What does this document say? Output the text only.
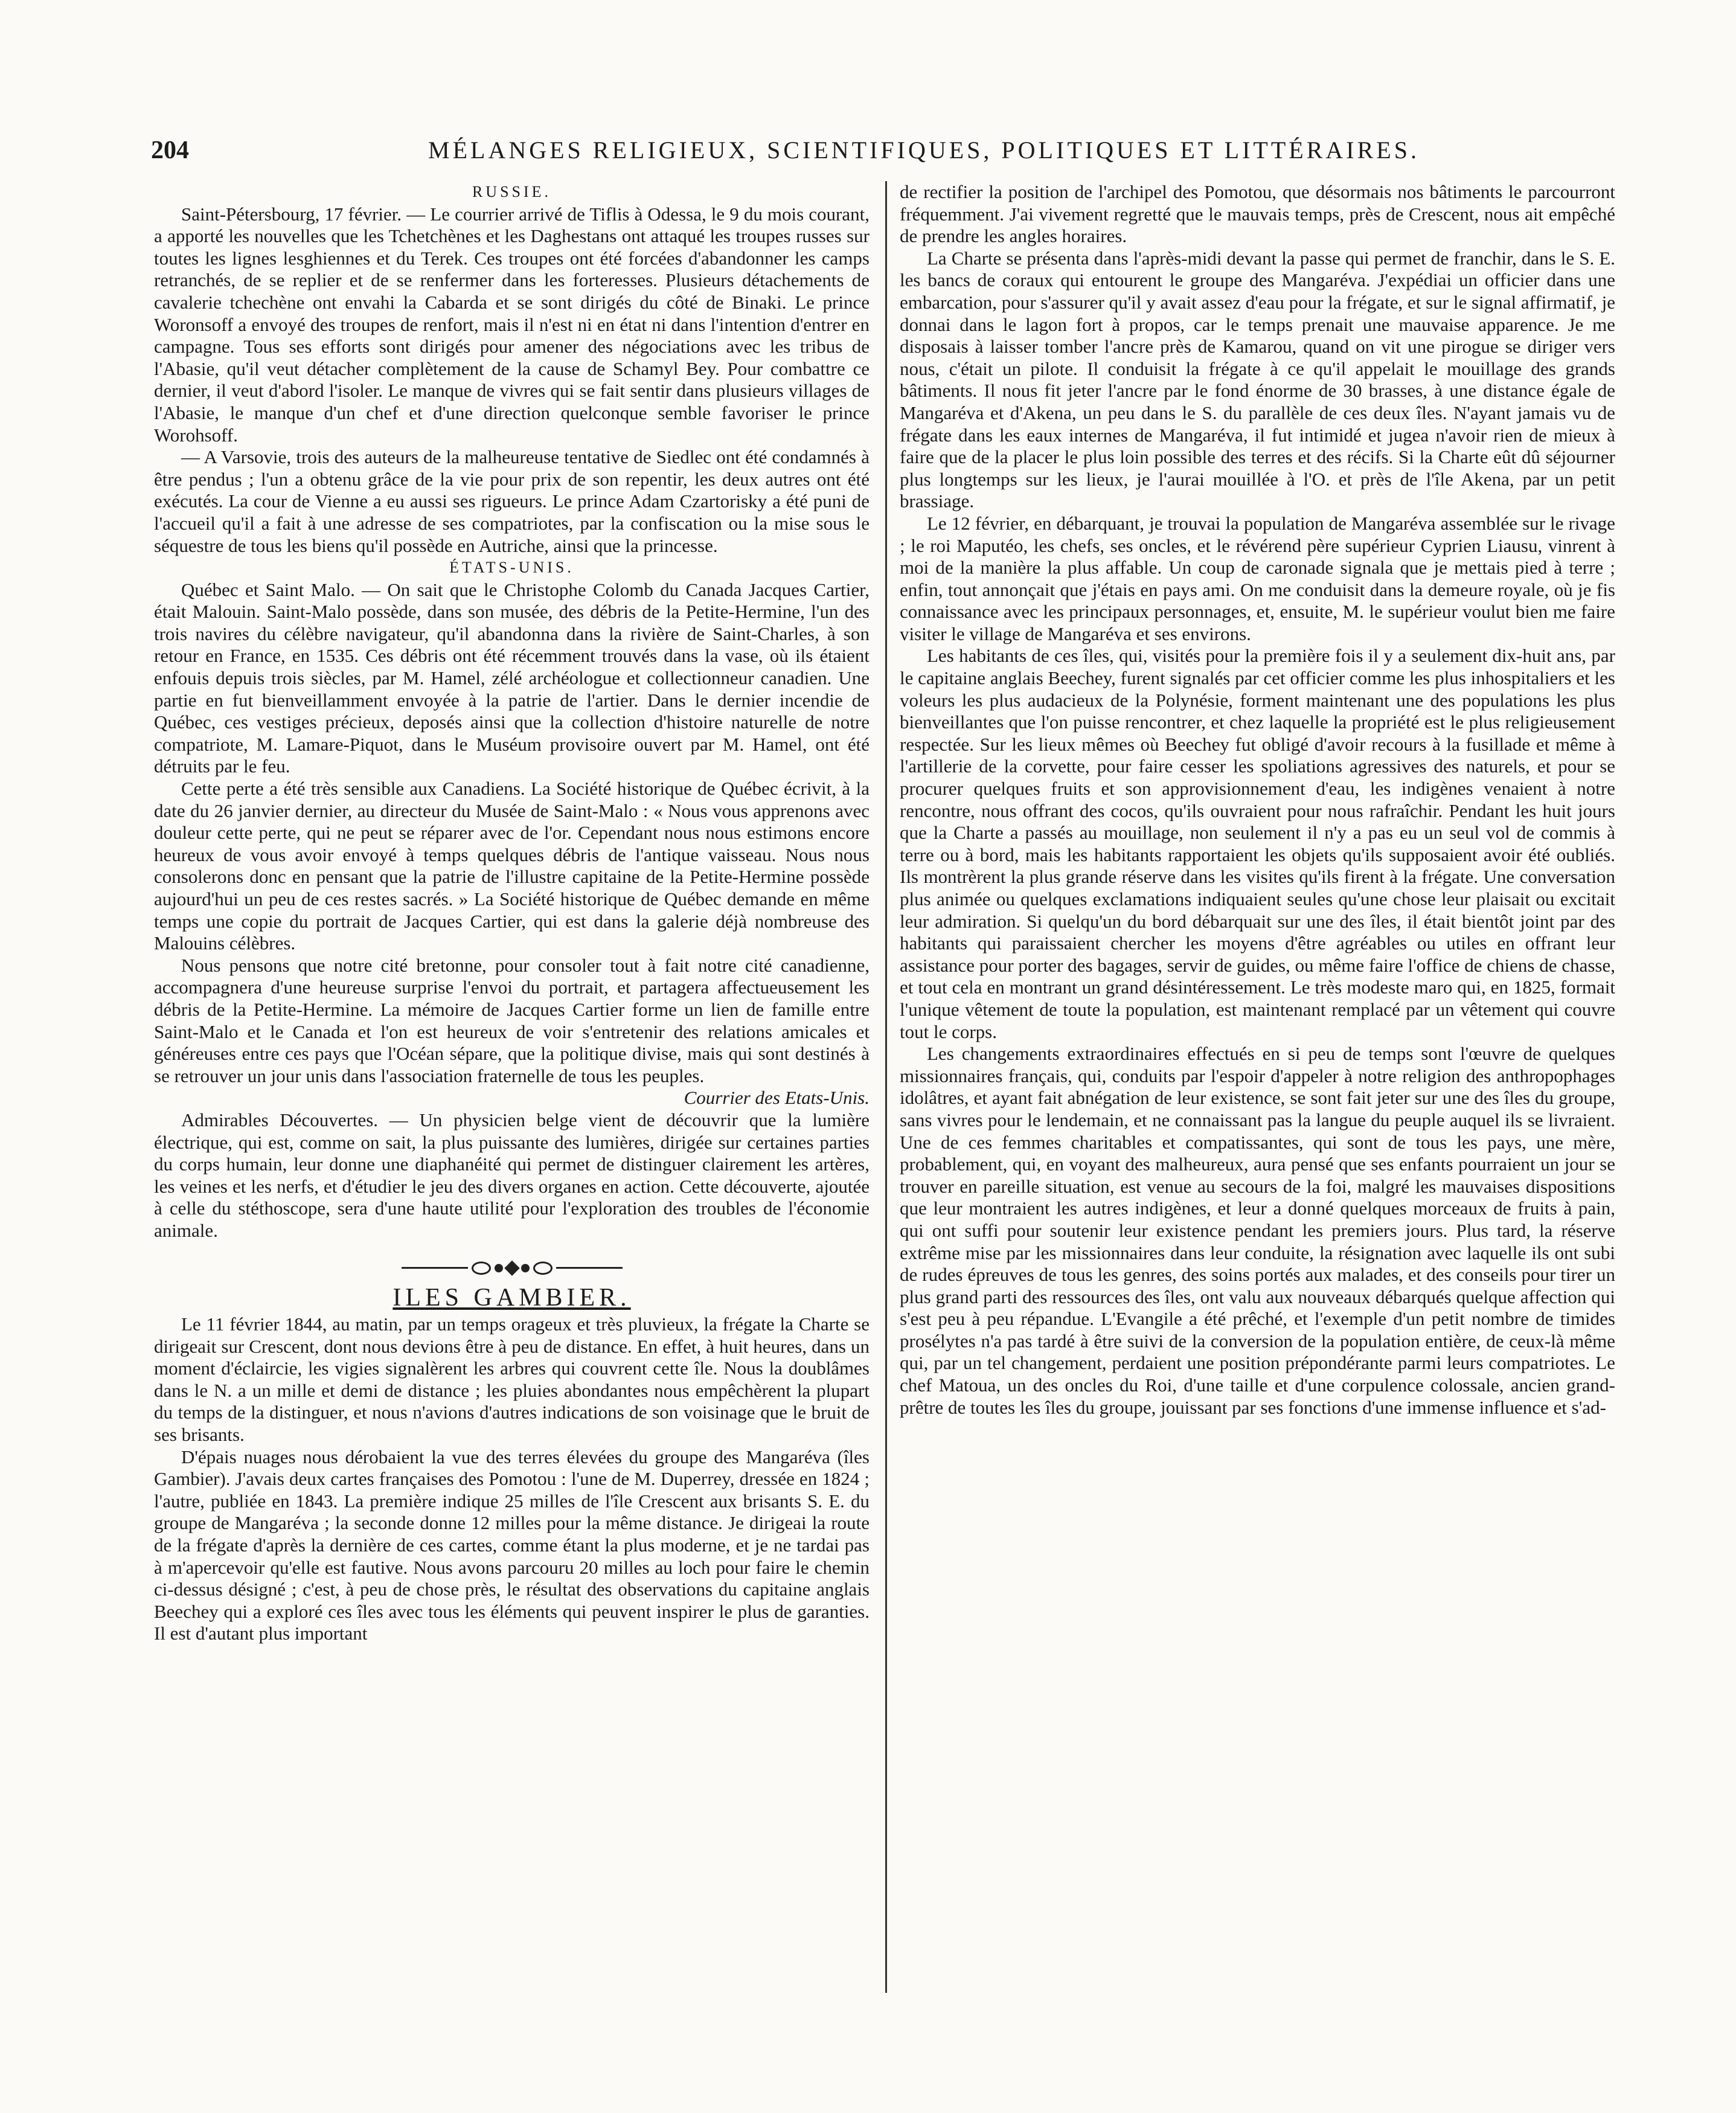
204	MÉLANGES RELIGIEUX, SCIENTIFIQUES, POLITIQUES ET LITTÉRAIRES.

RUSSIE.

Saint-Pétersbourg, 17 février. — Le courrier arrivé de Tiflis à Odessa, le 9 du mois courant, a apporté les nouvelles que les Tchetchènes et les Daghestans ont attaqué les troupes russes sur toutes les lignes lesghiennes et du Terek. Ces troupes ont été forcées d'abandonner les camps retranchés, de se replier et de se renfermer dans les forteresses. Plusieurs détachements de cavalerie tchechène ont envahi la Cabarda et se sont dirigés du côté de Binaki. Le prince Woronsoff a envoyé des troupes de renfort, mais il n'est ni en état ni dans l'intention d'entrer en campagne. Tous ses efforts sont dirigés pour amener des négociations avec les tribus de l'Abasie, qu'il veut détacher complètement de la cause de Schamyl Bey. Pour combattre ce dernier, il veut d'abord l'isoler. Le manque de vivres qui se fait sentir dans plusieurs villages de l'Abasie, le manque d'un chef et d'une direction quelconque semble favoriser le prince Worohsoff.

— A Varsovie, trois des auteurs de la malheureuse tentative de Siedlec ont été condamnés à être pendus ; l'un a obtenu grâce de la vie pour prix de son repentir, les deux autres ont été exécutés. La cour de Vienne a eu aussi ses rigueurs. Le prince Adam Czartorisky a été puni de l'accueil qu'il a fait à une adresse de ses compatriotes, par la confiscation ou la mise sous le séquestre de tous les biens qu'il possède en Autriche, ainsi que la princesse.

ÉTATS-UNIS.

Québec et Saint Malo. — On sait que le Christophe Colomb du Canada Jacques Cartier, était Malouin. Saint-Malo possède, dans son musée, des débris de la Petite-Hermine, l'un des trois navires du célèbre navigateur, qu'il abandonna dans la rivière de Saint-Charles, à son retour en France, en 1535. Ces débris ont été récemment trouvés dans la vase, où ils étaient enfouis depuis trois siècles, par M. Hamel, zélé archéologue et collectionneur canadien. Une partie en fut bienveillamment envoyée à la patrie de l'artier. Dans le dernier incendie de Québec, ces vestiges précieux, deposés ainsi que la collection d'histoire naturelle de notre compatriote, M. Lamare-Piquot, dans le Muséum provisoire ouvert par M. Hamel, ont été détruits par le feu.

Cette perte a été très sensible aux Canadiens. La Société historique de Québec écrivit, à la date du 26 janvier dernier, au directeur du Musée de Saint-Malo : « Nous vous apprenons avec douleur cette perte, qui ne peut se réparer avec de l'or. Cependant nous nous estimons encore heureux de vous avoir envoyé à temps quelques débris de l'antique vaisseau. Nous nous consolerons donc en pensant que la patrie de l'illustre capitaine de la Petite-Hermine possède aujourd'hui un peu de ces restes sacrés. » La Société historique de Québec demande en même temps une copie du portrait de Jacques Cartier, qui est dans la galerie déjà nombreuse des Malouins célèbres.

Nous pensons que notre cité bretonne, pour consoler tout à fait notre cité canadienne, accompagnera d'une heureuse surprise l'envoi du portrait, et partagera affectueusement les débris de la Petite-Hermine. La mémoire de Jacques Cartier forme un lien de famille entre Saint-Malo et le Canada et l'on est heureux de voir s'entretenir des relations amicales et généreuses entre ces pays que l'Océan sépare, que la politique divise, mais qui sont destinés à se retrouver un jour unis dans l'association fraternelle de tous les peuples.

Courrier des Etats-Unis.

Admirables Découvertes. — Un physicien belge vient de découvrir que la lumière électrique, qui est, comme on sait, la plus puissante des lumières, dirigée sur certaines parties du corps humain, leur donne une diaphanéité qui permet de distinguer clairement les artères, les veines et les nerfs, et d'étudier le jeu des divers organes en action. Cette découverte, ajoutée à celle du stéthoscope, sera d'une haute utilité pour l'exploration des troubles de l'économie animale.

ILES GAMBIER.

Le 11 février 1844, au matin, par un temps orageux et très pluvieux, la frégate la Charte se dirigeait sur Crescent, dont nous devions être à peu de distance. En effet, à huit heures, dans un moment d'éclaircie, les vigies signalèrent les arbres qui couvrent cette île. Nous la doublâmes dans le N. a un mille et demi de distance ; les pluies abondantes nous empêchèrent la plupart du temps de la distinguer, et nous n'avions d'autres indications de son voisinage que le bruit de ses brisants.

D'épais nuages nous dérobaient la vue des terres élevées du groupe des Mangaréva (îles Gambier). J'avais deux cartes françaises des Pomotou : l'une de M. Duperrey, dressée en 1824 ; l'autre, publiée en 1843. La première indique 25 milles de l'île Crescent aux brisants S. E. du groupe de Mangaréva ; la seconde donne 12 milles pour la même distance. Je dirigeai la route de la frégate d'après la dernière de ces cartes, comme étant la plus moderne, et je ne tardai pas à m'apercevoir qu'elle est fautive. Nous avons parcouru 20 milles au loch pour faire le chemin ci-dessus désigné ; c'est, à peu de chose près, le résultat des observations du capitaine anglais Beechey qui a exploré ces îles avec tous les éléments qui peuvent inspirer le plus de garanties. Il est d'autant plus important

de rectifier la position de l'archipel des Pomotou, que désormais nos bâtiments le parcourront fréquemment. J'ai vivement regretté que le mauvais temps, près de Crescent, nous ait empêché de prendre les angles horaires.

La Charte se présenta dans l'après-midi devant la passe qui permet de franchir, dans le S. E. les bancs de coraux qui entourent le groupe des Mangaréva. J'expédiai un officier dans une embarcation, pour s'assurer qu'il y avait assez d'eau pour la frégate, et sur le signal affirmatif, je donnai dans le lagon fort à propos, car le temps prenait une mauvaise apparence. Je me disposais à laisser tomber l'ancre près de Kamarou, quand on vit une pirogue se diriger vers nous, c'était un pilote. Il conduisit la frégate à ce qu'il appelait le mouillage des grands bâtiments. Il nous fit jeter l'ancre par le fond énorme de 30 brasses, à une distance égale de Mangaréva et d'Akena, un peu dans le S. du parallèle de ces deux îles. N'ayant jamais vu de frégate dans les eaux internes de Mangaréva, il fut intimidé et jugea n'avoir rien de mieux à faire que de la placer le plus loin possible des terres et des récifs. Si la Charte eût dû séjourner plus longtemps sur les lieux, je l'aurai mouillée à l'O. et près de l'île Akena, par un petit brassiage.

Le 12 février, en débarquant, je trouvai la population de Mangaréva assemblée sur le rivage ; le roi Maputéo, les chefs, ses oncles, et le révérend père supérieur Cyprien Liausu, vinrent à moi de la manière la plus affable. Un coup de caronade signala que je mettais pied à terre ; enfin, tout annonçait que j'étais en pays ami. On me conduisit dans la demeure royale, où je fis connaissance avec les principaux personnages, et, ensuite, M. le supérieur voulut bien me faire visiter le village de Mangaréva et ses environs.

Les habitants de ces îles, qui, visités pour la première fois il y a seulement dix-huit ans, par le capitaine anglais Beechey, furent signalés par cet officier comme les plus inhospitaliers et les voleurs les plus audacieux de la Polynésie, forment maintenant une des populations les plus bienveillantes que l'on puisse rencontrer, et chez laquelle la propriété est le plus religieusement respectée. Sur les lieux mêmes où Beechey fut obligé d'avoir recours à la fusillade et même à l'artillerie de la corvette, pour faire cesser les spoliations agressives des naturels, et pour se procurer quelques fruits et son approvisionnement d'eau, les indigènes venaient à notre rencontre, nous offrant des cocos, qu'ils ouvraient pour nous rafraîchir. Pendant les huit jours que la Charte a passés au mouillage, non seulement il n'y a pas eu un seul vol de commis à terre ou à bord, mais les habitants rapportaient les objets qu'ils supposaient avoir été oubliés. Ils montrèrent la plus grande réserve dans les visites qu'ils firent à la frégate. Une conversation plus animée ou quelques exclamations indiquaient seules qu'une chose leur plaisait ou excitait leur admiration. Si quelqu'un du bord débarquait sur une des îles, il était bientôt joint par des habitants qui paraissaient chercher les moyens d'être agréables ou utiles en offrant leur assistance pour porter des bagages, servir de guides, ou même faire l'office de chiens de chasse, et tout cela en montrant un grand désintéressement. Le très modeste maro qui, en 1825, formait l'unique vêtement de toute la population, est maintenant remplacé par un vêtement qui couvre tout le corps.

Les changements extraordinaires effectués en si peu de temps sont l'œuvre de quelques missionnaires français, qui, conduits par l'espoir d'appeler à notre religion des anthropophages idolâtres, et ayant fait abnégation de leur existence, se sont fait jeter sur une des îles du groupe, sans vivres pour le lendemain, et ne connaissant pas la langue du peuple auquel ils se livraient. Une de ces femmes charitables et compatissantes, qui sont de tous les pays, une mère, probablement, qui, en voyant des malheureux, aura pensé que ses enfants pourraient un jour se trouver en pareille situation, est venue au secours de la foi, malgré les mauvaises dispositions que leur montraient les autres indigènes, et leur a donné quelques morceaux de fruits à pain, qui ont suffi pour soutenir leur existence pendant les premiers jours. Plus tard, la réserve extrême mise par les missionnaires dans leur conduite, la résignation avec laquelle ils ont subi de rudes épreuves de tous les genres, des soins portés aux malades, et des conseils pour tirer un plus grand parti des ressources des îles, ont valu aux nouveaux débarqués quelque affection qui s'est peu à peu répandue. L'Evangile a été prêché, et l'exemple d'un petit nombre de timides prosélytes n'a pas tardé à être suivi de la conversion de la population entière, de ceux-là même qui, par un tel changement, perdaient une position prépondérante parmi leurs compatriotes. Le chef Matoua, un des oncles du Roi, d'une taille et d'une corpulence colossale, ancien grand-prêtre de toutes les îles du groupe, jouissant par ses fonctions d'une immense influence et s'ad-
